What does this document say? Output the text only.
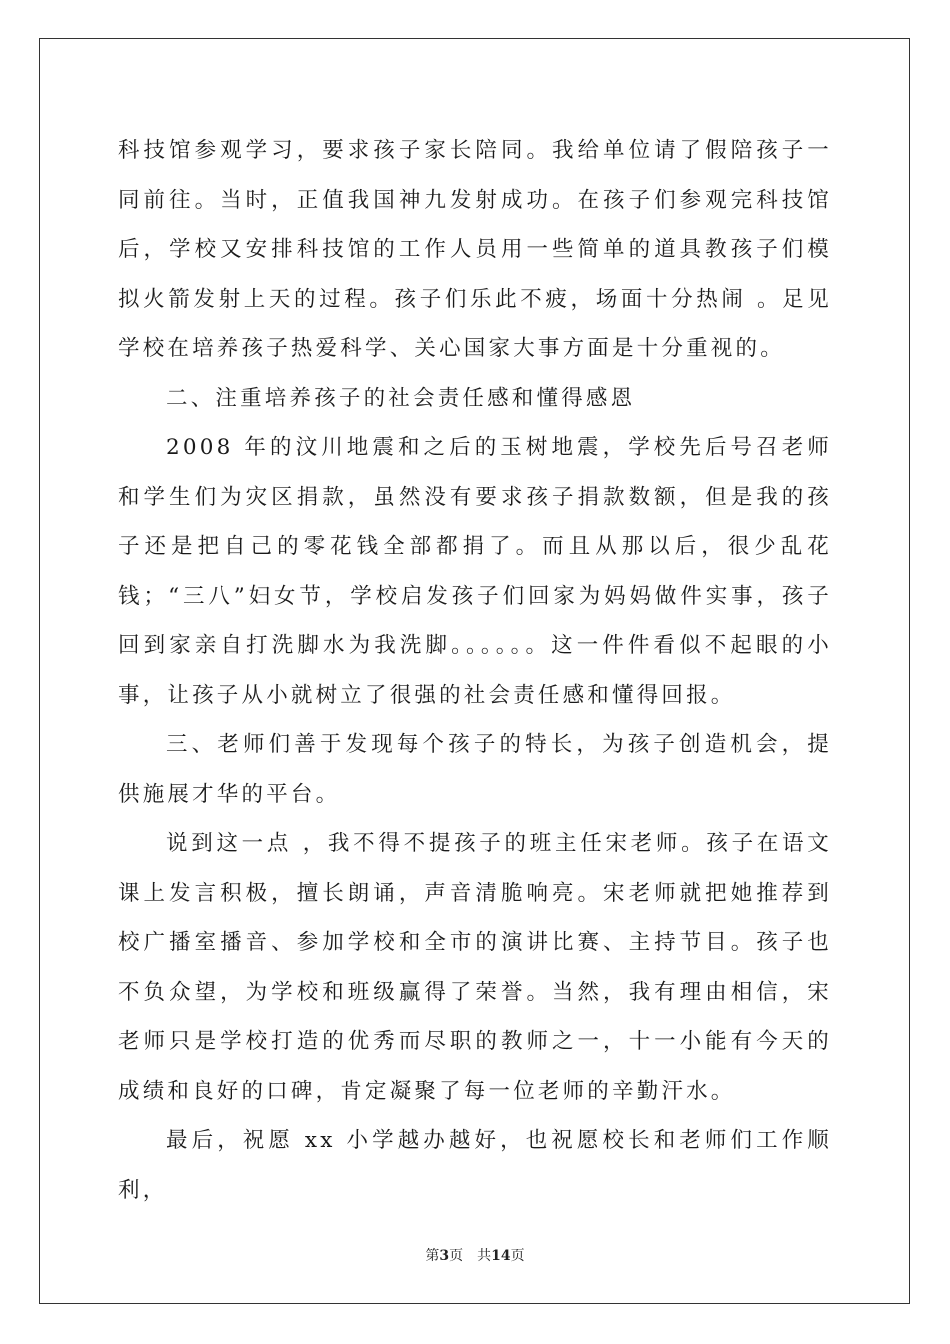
科技馆参观学习，要求孩子家长陪同。我给单位请了假陪孩子一同前往。当时，正值我国神九发射成功。在孩子们参观完科技馆后，学校又安排科技馆的工作人员用一些简单的道具教孩子们模拟火箭发射上天的过程。孩子们乐此不疲，场面十分热闹 。足见学校在培养孩子热爱科学、关心国家大事方面是十分重视的。

二、注重培养孩子的社会责任感和懂得感恩

2008 年的汶川地震和之后的玉树地震，学校先后号召老师和学生们为灾区捐款，虽然没有要求孩子捐款数额，但是我的孩子还是把自己的零花钱全部都捐了。而且从那以后，很少乱花钱；“三八”妇女节，学校启发孩子们回家为妈妈做件实事，孩子回到家亲自打洗脚水为我洗脚。。。。。。这一件件看似不起眼的小事，让孩子从小就树立了很强的社会责任感和懂得回报。

三、老师们善于发现每个孩子的特长，为孩子创造机会，提供施展才华的平台。

说到这一点 ，我不得不提孩子的班主任宋老师。孩子在语文课上发言积极，擅长朗诵，声音清脆响亮。宋老师就把她推荐到校广播室播音、参加学校和全市的演讲比赛、主持节目。孩子也不负众望，为学校和班级赢得了荣誉。当然，我有理由相信，宋老师只是学校打造的优秀而尽职的教师之一，十一小能有今天的成绩和良好的口碑，肯定凝聚了每一位老师的辛勤汗水。

最后，祝愿 xx 小学越办越好，也祝愿校长和老师们工作顺利，

第3页 共14页
